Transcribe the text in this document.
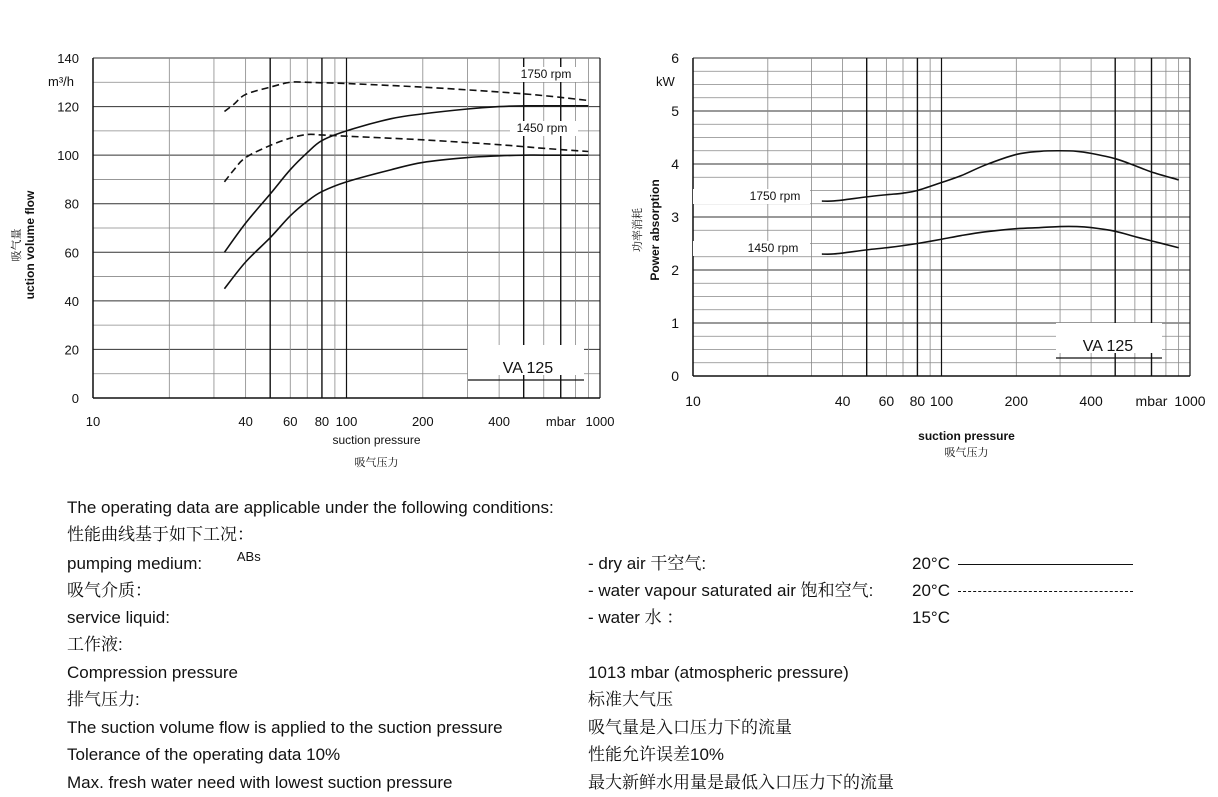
0
20
40
60
80
100
120
140
10	40 60 80 100	200	400	1000
mbar
m³/h
uction volume flow
吸气量
suction pressure
吸气压力
VA 125
1750 rpm
1450 rpm
0
1
2
3
4
5
6
10	40 60 80 100	200	400	1000
mbar
kW
Power absorption
功率消耗
suction pressure
吸气压力
VA 125
1750 rpm
1450 rpm
The operating data are applicable under the following conditions:
性能曲线基于如下工况：
pumping medium:	$^{ABs}$	- dry air 干空气:	20°C
吸气介质：	- water vapour saturated air 饱和空气: 20°C
service liquid:	- water 水 ：	15°C
工作液:
Compression pressure	1013 mbar (atmospheric pressure)
排气压力:	标准大气压
The suction volume flow is applied to the suction pressure	吸气量是入口压力下的流量
Tolerance of the operating data 10%	性能允许误差10%
Max. fresh water need with lowest suction pressure	最大新鲜水用量是最低入口压力下的流量
